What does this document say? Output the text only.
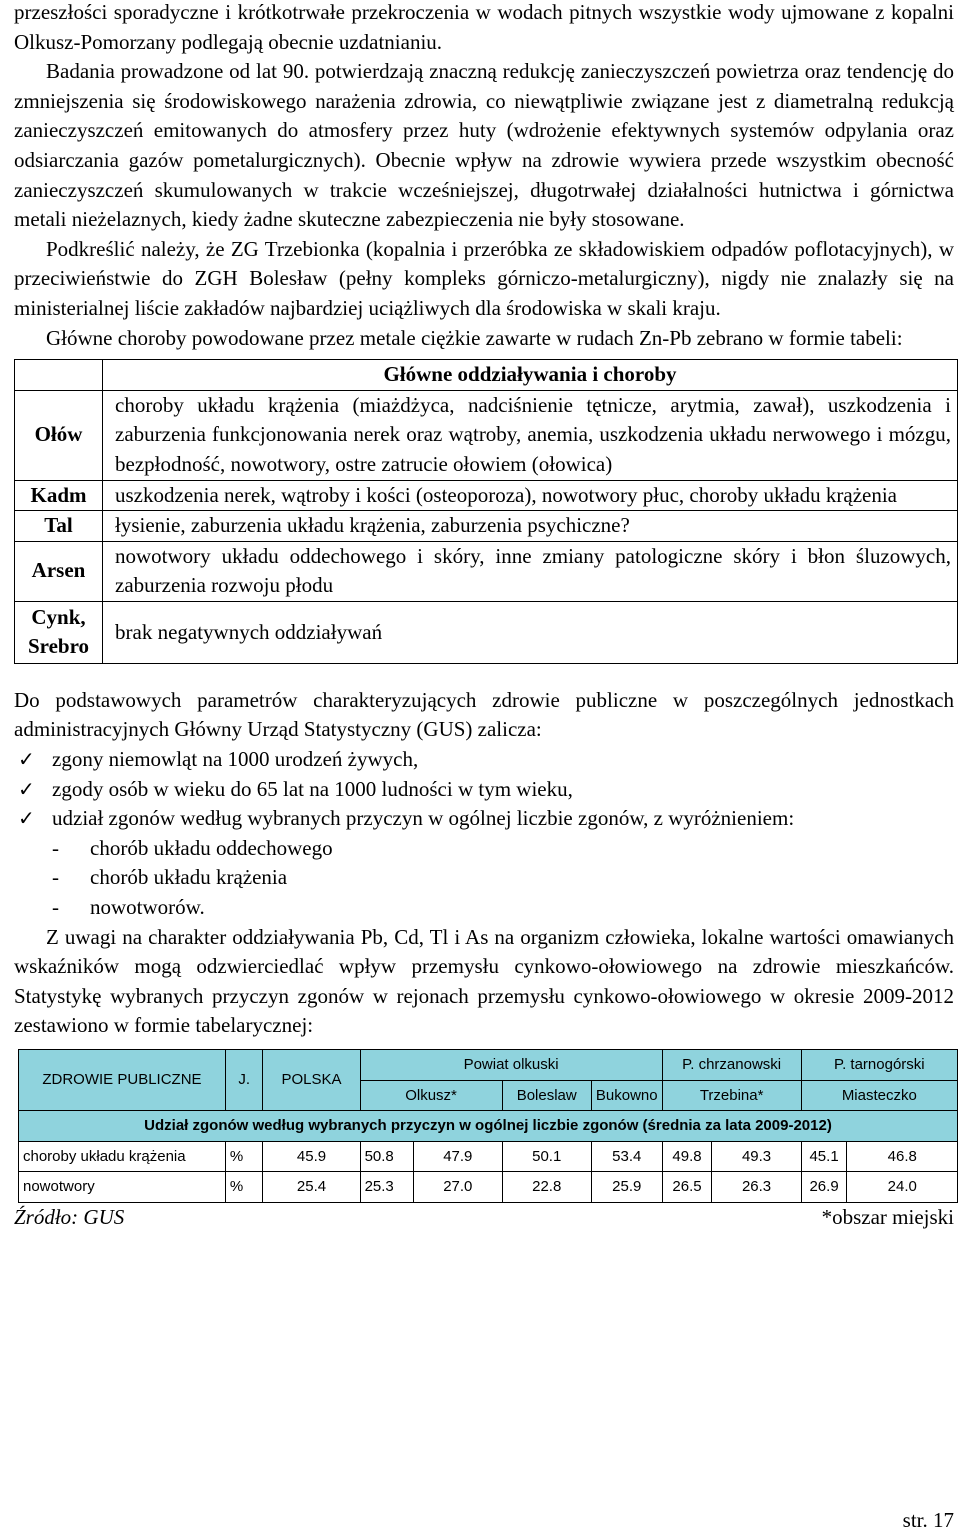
przeszłości sporadyczne i krótkotrwałe przekroczenia w wodach pitnych wszystkie wody ujmowane z kopalni Olkusz-Pomorzany podlegają obecnie uzdatnianiu.

Badania prowadzone od lat 90. potwierdzają znaczną redukcję zanieczyszczeń powietrza oraz tendencję do zmniejszenia się środowiskowego narażenia zdrowia, co niewątpliwie związane jest z diametralną redukcją zanieczyszczeń emitowanych do atmosfery przez huty (wdrożenie efektywnych systemów odpylania oraz odsiarczania gazów pometalurgicznych). Obecnie wpływ na zdrowie wywiera przede wszystkim obecność zanieczyszczeń skumulowanych w trakcie wcześniejszej, długotrwałej działalności hutnictwa i górnictwa metali nieżelaznych, kiedy żadne skuteczne zabezpieczenia nie były stosowane.

Podkreślić należy, że ZG Trzebionka (kopalnia i przeróbka ze składowiskiem odpadów poflotacyjnych), w przeciwieństwie do ZGH Bolesław (pełny kompleks górniczo-metalurgiczny), nigdy nie znalazły się na ministerialnej liście zakładów najbardziej uciążliwych dla środowiska w skali kraju.

Główne choroby powodowane przez metale ciężkie zawarte w rudach Zn-Pb zebrano w formie tabeli:

	Główne oddziaływania i choroby
Ołów	choroby układu krążenia (miażdżyca, nadciśnienie tętnicze, arytmia, zawał), uszkodzenia i zaburzenia funkcjonowania nerek oraz wątroby, anemia, uszkodzenia układu nerwowego i mózgu, bezpłodność, nowotwory, ostre zatrucie ołowiem (ołowica)
Kadm	uszkodzenia nerek, wątroby i kości (osteoporoza), nowotwory płuc, choroby układu krążenia
Tal	łysienie, zaburzenia układu krążenia, zaburzenia psychiczne?
Arsen	nowotwory układu oddechowego i skóry, inne zmiany patologiczne skóry i błon śluzowych, zaburzenia rozwoju płodu
Cynk, Srebro	brak negatywnych oddziaływań

Do podstawowych parametrów charakteryzujących zdrowie publiczne w poszczególnych jednostkach administracyjnych Główny Urząd Statystyczny (GUS) zalicza:

✓ zgony niemowląt na 1000 urodzeń żywych,
✓ zgody osób w wieku do 65 lat na 1000 ludności w tym wieku,
✓ udział zgonów według wybranych przyczyn w ogólnej liczbie zgonów, z wyróżnieniem:
- chorób układu oddechowego
- chorób układu krążenia
- nowotworów.

Z uwagi na charakter oddziaływania Pb, Cd, Tl i As na organizm człowieka, lokalne wartości omawianych wskaźników mogą odzwierciedlać wpływ przemysłu cynkowo-ołowiowego na zdrowie mieszkańców. Statystykę wybranych przyczyn zgonów w rejonach przemysłu cynkowo-ołowiowego w okresie 2009-2012 zestawiono w formie tabelarycznej:

ZDROWIE PUBLICZNE	J.	POLSKA	Powiat olkuski				P. chrzanowski		P. tarnogórski	
			Olkusz*		Boleslaw	Bukowno	Trzebina*		Miasteczko	
Udział zgonów według wybranych przyczyn w ogólnej liczbie zgonów (średnia za lata 2009-2012)										
choroby układu krążenia	%	45.9	50.8	47.9	50.1	53.4	49.8	49.3	45.1	46.8
nowotwory	%	25.4	25.3	27.0	22.8	25.9	26.5	26.3	26.9	24.0
Źródło: GUS	*obszar miejski
str. 17
